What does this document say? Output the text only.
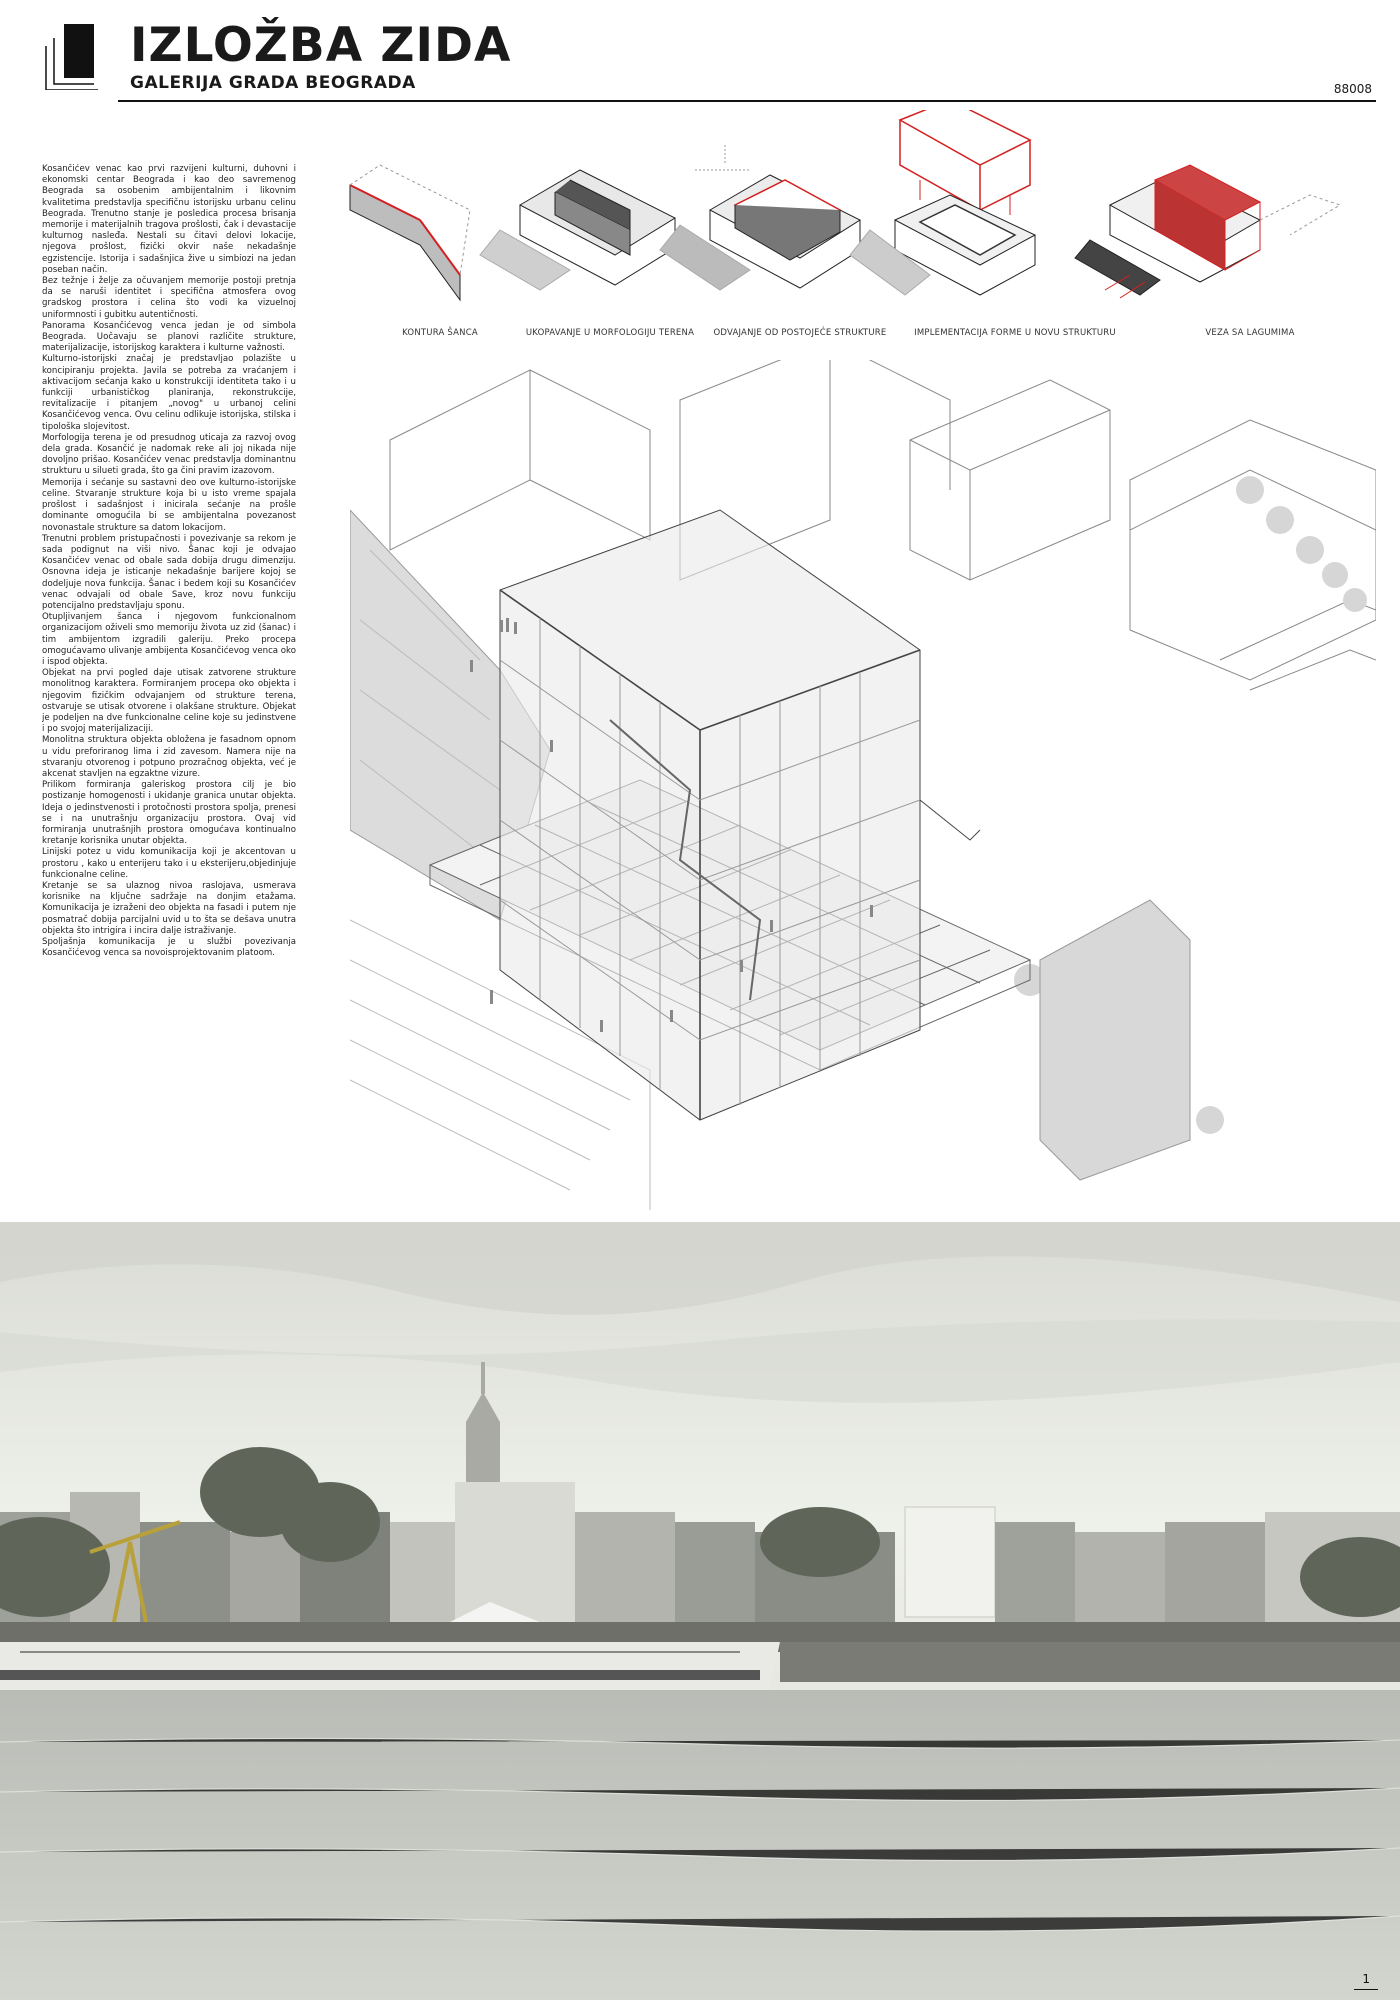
IZLOŽBA ZIDA
GALERIJA GRADA BEOGRADA	88008

Kosančićev venac kao prvi razvijeni kulturni, duhovni i ekonomski centar Beograda i kao deo savremenog Beograda sa osobenim ambijentalnim i likovnim kvalitetima predstavlja specifičnu istorijsku urbanu celinu Beograda. Trenutno stanje je posledica procesa brisanja memorije i materijalnih tragova prošlosti, čak i devastacije kulturnog nasleđa. Nestali su čitavi delovi lokacije, njegova prošlost, fizički okvir naše nekadašnje egzistencije. Istorija i sadašnjica žive u simbiozi na jedan poseban način.

Bez težnje i želje za očuvanjem memorije postoji pretnja da se naruši identitet i specifična atmosfera ovog gradskog prostora i celina što vodi ka vizuelnoj uniformnosti i gubitku autentičnosti.

Panorama Kosančićevog venca jedan je od simbola Beograda. Uočavaju se planovi različite strukture, materijalizacije, istorijskog karaktera i kulturne važnosti.

Kulturno-istorijski značaj je predstavljao polazište u koncipiranju projekta. Javila se potreba za vraćanjem i aktivacijom sećanja kako u konstrukciji identiteta tako i u funkciji urbanističkog planiranja, rekonstrukcije, revitalizacije i pitanjem „novog" u urbanoj celini Kosančićevog venca. Ovu celinu odlikuje istorijska, stilska i tipološka slojevitost.

Morfologija terena je od presudnog uticaja za razvoj ovog dela grada. Kosančić je nadomak reke ali joj nikada nije dovoljno prišao. Kosančićev venac predstavlja dominantnu strukturu u silueti grada, što ga čini pravim izazovom.

Memorija i sećanje su sastavni deo ove kulturno-istorijske celine. Stvaranje strukture koja bi u isto vreme spajala prošlost i sadašnjost i inicirala sećanje na prošle dominante omogućila bi se ambijentalna povezanost novonastale strukture sa datom lokacijom.

Trenutni problem pristupačnosti i povezivanje sa rekom je sada podignut na viši nivo. Šanac koji je odvajao Kosančićev venac od obale sada dobija drugu dimenziju. Osnovna ideja je isticanje nekadašnje barijere kojoj se dodeljuje nova funkcija. Šanac i bedem koji su Kosančićev venac odvajali od obale Save, kroz novu funkciju potencijalno predstavljaju sponu.

Otupljivanjem šanca i njegovom funkcionalnom organizacijom oživeli smo memoriju života uz zid (šanac) i tim ambijentom izgradili galeriju. Preko procepa omogućavamo ulivanje ambijenta Kosančićevog venca oko i ispod objekta.

Objekat na prvi pogled daje utisak zatvorene strukture monolitnog karaktera. Formiranjem procepa oko objekta i njegovim fizičkim odvajanjem od strukture terena, ostvaruje se utisak otvorene i olakšane strukture. Objekat je podeljen na dve funkcionalne celine koje su jedinstvene i po svojoj materijalizaciji.

Monolitna struktura objekta obložena je fasadnom opnom u vidu preforiranog lima i zid zavesom. Namera nije na stvaranju otvorenog i potpuno prozračnog objekta, već je akcenat stavljen na egzaktne vizure.

Prilikom formiranja galeriskog prostora cilj je bio postizanje homogenosti i ukidanje granica unutar objekta. Ideja o jedinstvenosti i protočnosti prostora spolja, prenesi se i na unutrašnju organizaciju prostora. Ovaj vid formiranja unutrašnjih prostora omogućava kontinualno kretanje korisnika unutar objekta.

Linijski potez u vidu komunikacija koji je akcentovan u prostoru , kako u enterijeru tako i u eksterijeru,objedinjuje funkcionalne celine.

Kretanje se sa ulaznog nivoa raslojava, usmerava korisnike na ključne sadržaje na donjim etažama. Komunikacija je izraženi deo objekta na fasadi i putem nje posmatrač dobija parcijalni uvid u to šta se dešava unutra objekta što intrigira i incira dalje istraživanje.

Spoljašnja komunikacija je u službi povezivanja Kosančićevog venca sa novoisprojektovanim platoom.

KONTURA ŠANCA	UKOPAVANJE U MORFOLOGIJU TERENA	ODVAJANJE OD POSTOJEĆE STRUKTURE	IMPLEMENTACIJA FORME U NOVU STRUKTURU	VEZA SA LAGUMIMA
1
